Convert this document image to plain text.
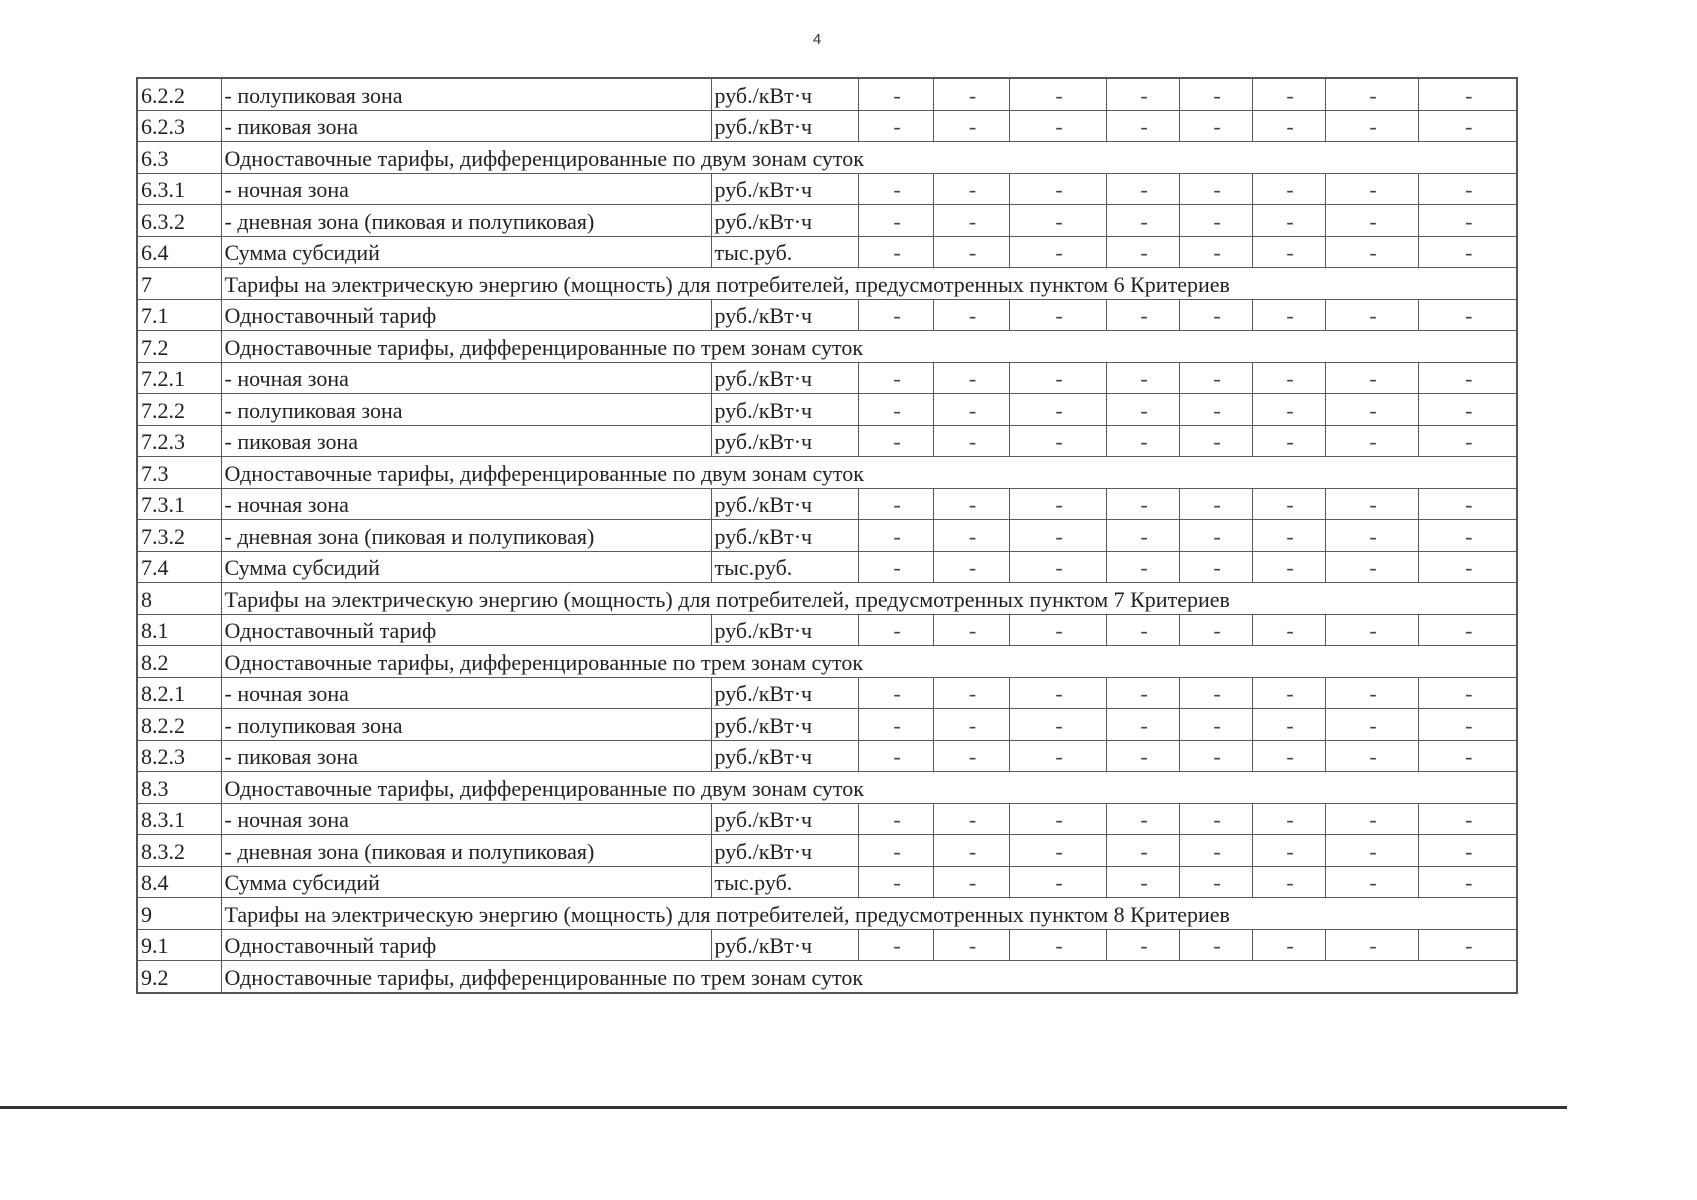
4
6.2.2	- полупиковая зона	руб./кВт·ч	-	-	-	-	-	-	-	-
6.2.3	- пиковая зона	руб./кВт·ч	-	-	-	-	-	-	-	-
6.3	Одноставочные тарифы, дифференцированные по двум зонам суток									
6.3.1	- ночная зона	руб./кВт·ч	-	-	-	-	-	-	-	-
6.3.2	- дневная зона (пиковая и полупиковая)	руб./кВт·ч	-	-	-	-	-	-	-	-
6.4	Сумма субсидий	тыс.руб.	-	-	-	-	-	-	-	-
7	Тарифы на электрическую энергию (мощность) для потребителей, предусмотренных пунктом 6 Критериев									
7.1	Одноставочный тариф	руб./кВт·ч	-	-	-	-	-	-	-	-
7.2	Одноставочные тарифы, дифференцированные по трем зонам суток									
7.2.1	- ночная зона	руб./кВт·ч	-	-	-	-	-	-	-	-
7.2.2	- полупиковая зона	руб./кВт·ч	-	-	-	-	-	-	-	-
7.2.3	- пиковая зона	руб./кВт·ч	-	-	-	-	-	-	-	-
7.3	Одноставочные тарифы, дифференцированные по двум зонам суток									
7.3.1	- ночная зона	руб./кВт·ч	-	-	-	-	-	-	-	-
7.3.2	- дневная зона (пиковая и полупиковая)	руб./кВт·ч	-	-	-	-	-	-	-	-
7.4	Сумма субсидий	тыс.руб.	-	-	-	-	-	-	-	-
8	Тарифы на электрическую энергию (мощность) для потребителей, предусмотренных пунктом 7 Критериев									
8.1	Одноставочный тариф	руб./кВт·ч	-	-	-	-	-	-	-	-
8.2	Одноставочные тарифы, дифференцированные по трем зонам суток									
8.2.1	- ночная зона	руб./кВт·ч	-	-	-	-	-	-	-	-
8.2.2	- полупиковая зона	руб./кВт·ч	-	-	-	-	-	-	-	-
8.2.3	- пиковая зона	руб./кВт·ч	-	-	-	-	-	-	-	-
8.3	Одноставочные тарифы, дифференцированные по двум зонам суток									
8.3.1	- ночная зона	руб./кВт·ч	-	-	-	-	-	-	-	-
8.3.2	- дневная зона (пиковая и полупиковая)	руб./кВт·ч	-	-	-	-	-	-	-	-
8.4	Сумма субсидий	тыс.руб.	-	-	-	-	-	-	-	-
9	Тарифы на электрическую энергию (мощность) для потребителей, предусмотренных пунктом 8 Критериев									
9.1	Одноставочный тариф	руб./кВт·ч	-	-	-	-	-	-	-	-
9.2	Одноставочные тарифы, дифференцированные по трем зонам суток									
